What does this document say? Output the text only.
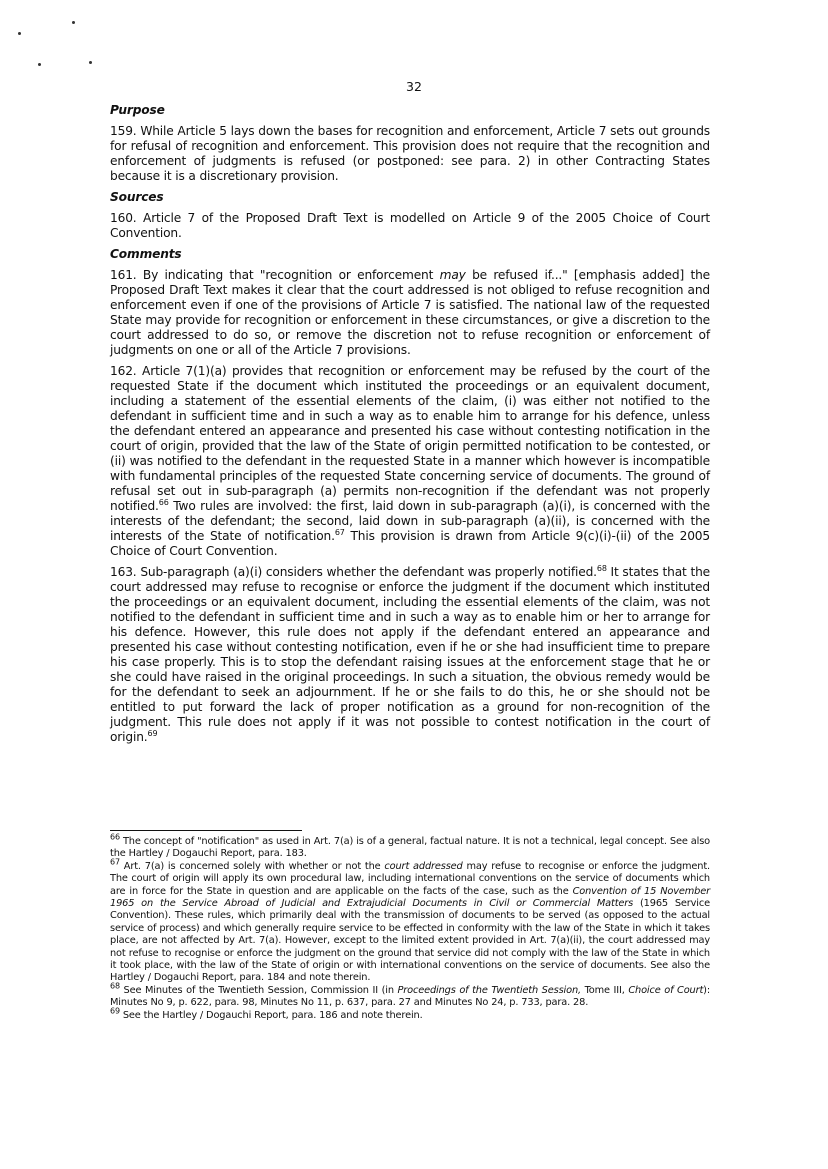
32

Purpose

159. While Article 5 lays down the bases for recognition and enforcement, Article 7 sets out grounds for refusal of recognition and enforcement. This provision does not require that the recognition and enforcement of judgments is refused (or postponed: see para. 2) in other Contracting States because it is a discretionary provision.

Sources

160. Article 7 of the Proposed Draft Text is modelled on Article 9 of the 2005 Choice of Court Convention.

Comments

161. By indicating that "recognition or enforcement may be refused if..." [emphasis added] the Proposed Draft Text makes it clear that the court addressed is not obliged to refuse recognition and enforcement even if one of the provisions of Article 7 is satisfied. The national law of the requested State may provide for recognition or enforcement in these circumstances, or give a discretion to the court addressed to do so, or remove the discretion not to refuse recognition or enforcement of judgments on one or all of the Article 7 provisions.

162. Article 7(1)(a) provides that recognition or enforcement may be refused by the court of the requested State if the document which instituted the proceedings or an equivalent document, including a statement of the essential elements of the claim, (i) was either not notified to the defendant in sufficient time and in such a way as to enable him to arrange for his defence, unless the defendant entered an appearance and presented his case without contesting notification in the court of origin, provided that the law of the State of origin permitted notification to be contested, or (ii) was notified to the defendant in the requested State in a manner which however is incompatible with fundamental principles of the requested State concerning service of documents. The ground of refusal set out in sub-paragraph (a) permits non-recognition if the defendant was not properly notified.$^{66}$ Two rules are involved: the first, laid down in sub-paragraph (a)(i), is concerned with the interests of the defendant; the second, laid down in sub-paragraph (a)(ii), is concerned with the interests of the State of notification.$^{67}$ This provision is drawn from Article 9(c)(i)-(ii) of the 2005 Choice of Court Convention.

163. Sub-paragraph (a)(i) considers whether the defendant was properly notified.$^{68}$ It states that the court addressed may refuse to recognise or enforce the judgment if the document which instituted the proceedings or an equivalent document, including the essential elements of the claim, was not notified to the defendant in sufficient time and in such a way as to enable him or her to arrange for his defence. However, this rule does not apply if the defendant entered an appearance and presented his case without contesting notification, even if he or she had insufficient time to prepare his case properly. This is to stop the defendant raising issues at the enforcement stage that he or she could have raised in the original proceedings. In such a situation, the obvious remedy would be for the defendant to seek an adjournment. If he or she fails to do this, he or she should not be entitled to put forward the lack of proper notification as a ground for non-recognition of the judgment. This rule does not apply if it was not possible to contest notification in the court of origin.$^{69}$

$^{66}$ The concept of "notification" as used in Art. 7(a) is of a general, factual nature. It is not a technical, legal concept. See also the Hartley / Dogauchi Report, para. 183.

$^{67}$ Art. 7(a) is concerned solely with whether or not the court addressed may refuse to recognise or enforce the judgment. The court of origin will apply its own procedural law, including international conventions on the service of documents which are in force for the State in question and are applicable on the facts of the case, such as the Convention of 15 November 1965 on the Service Abroad of Judicial and Extrajudicial Documents in Civil or Commercial Matters (1965 Service Convention). These rules, which primarily deal with the transmission of documents to be served (as opposed to the actual service of process) and which generally require service to be effected in conformity with the law of the State in which it takes place, are not affected by Art. 7(a). However, except to the limited extent provided in Art. 7(a)(ii), the court addressed may not refuse to recognise or enforce the judgment on the ground that service did not comply with the law of the State in which it took place, with the law of the State of origin or with international conventions on the service of documents. See also the Hartley / Dogauchi Report, para. 184 and note therein.

$^{68}$ See Minutes of the Twentieth Session, Commission II (in Proceedings of the Twentieth Session, Tome III, Choice of Court): Minutes No 9, p. 622, para. 98, Minutes No 11, p. 637, para. 27 and Minutes No 24, p. 733, para. 28.

$^{69}$ See the Hartley / Dogauchi Report, para. 186 and note therein.
